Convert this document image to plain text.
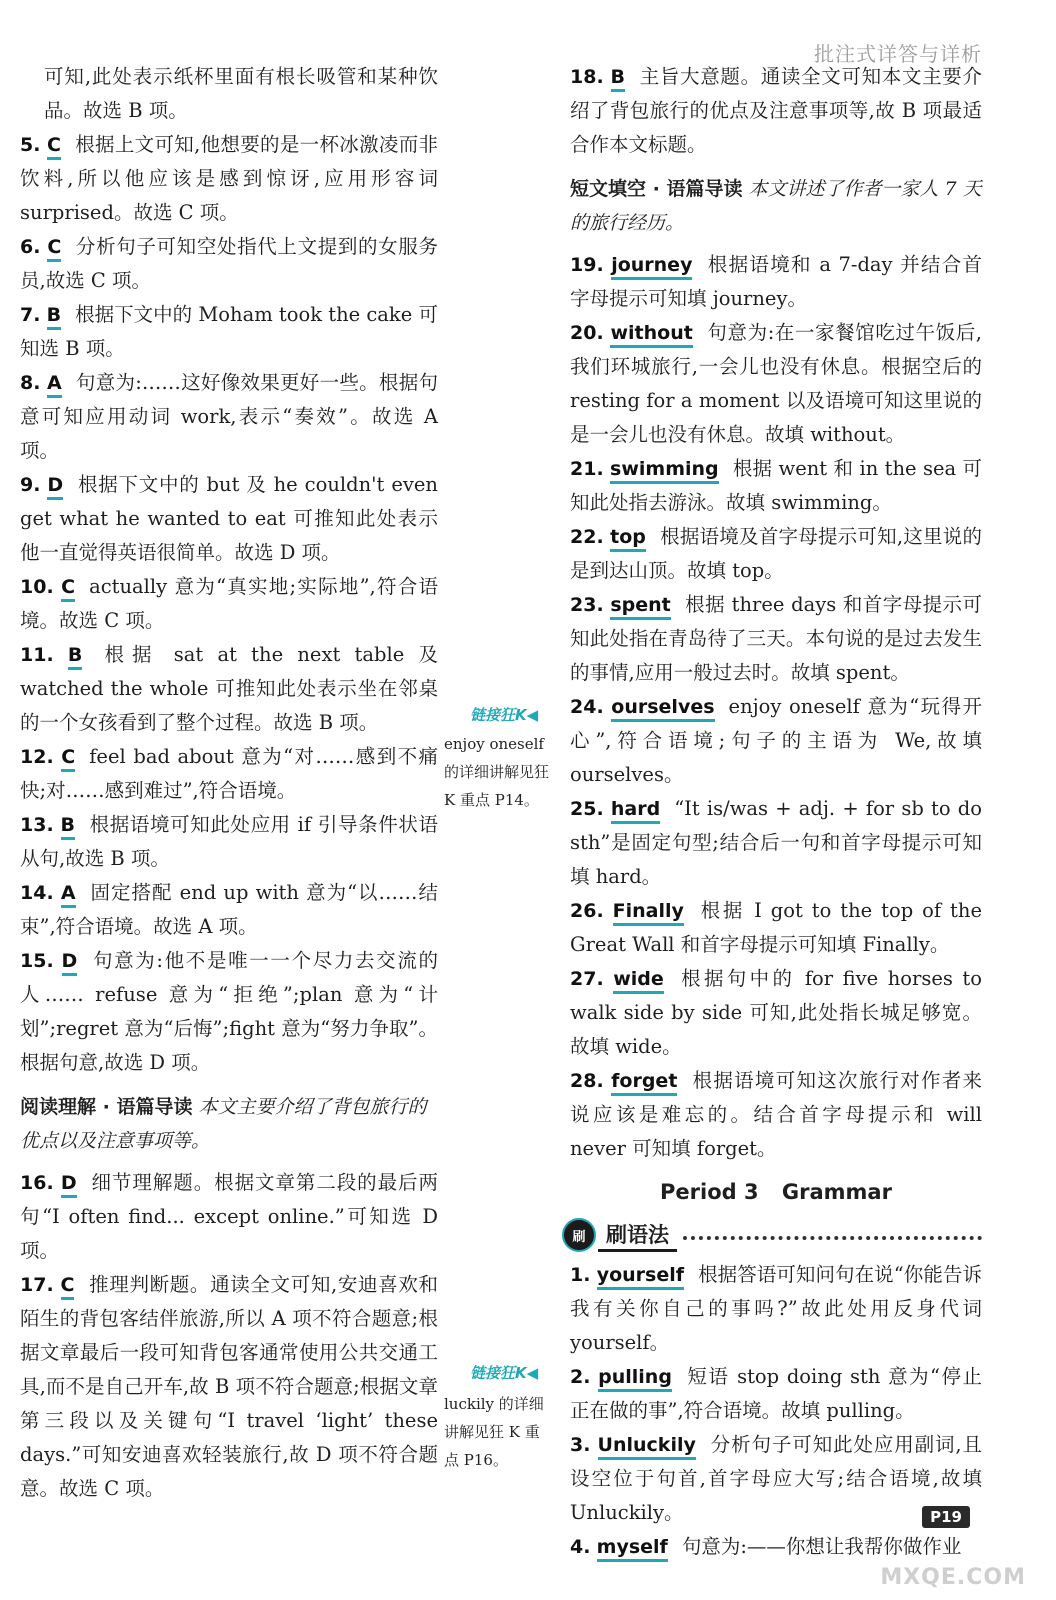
批注式详答与详析
可知,此处表示纸杯里面有根长吸管和某种饮品。故选 B 项。
5. C 根据上文可知,他想要的是一杯冰激凌而非饮料,所以他应该是感到惊讶,应用形容词 surprised。故选 C 项。
6. C 分析句子可知空处指代上文提到的女服务员,故选 C 项。
7. B 根据下文中的 Moham took the cake 可知选 B 项。
8. A 句意为:……这好像效果更好一些。根据句意可知应用动词 work,表示“奏效”。故选 A 项。
9. D 根据下文中的 but 及 he couldn't even get what he wanted to eat 可推知此处表示他一直觉得英语很简单。故选 D 项。
10. C actually 意为“真实地;实际地”,符合语境。故选 C 项。
11. B 根据 sat at the next table 及 watched the whole 可推知此处表示坐在邻桌的一个女孩看到了整个过程。故选 B 项。
12. C feel bad about 意为“对……感到不痛快;对……感到难过”,符合语境。
13. B 根据语境可知此处应用 if 引导条件状语从句,故选 B 项。
14. A 固定搭配 end up with 意为“以……结束”,符合语境。故选 A 项。
15. D 句意为:他不是唯一一个尽力去交流的人…… refuse 意为“拒绝”;plan 意为“计划”;regret 意为“后悔”;fight 意为“努力争取”。根据句意,故选 D 项。
阅读理解 · 语篇导读 本文主要介绍了背包旅行的优点以及注意事项等。
16. D 细节理解题。根据文章第二段的最后两句“I often find... except online.”可知选 D 项。
17. C 推理判断题。通读全文可知,安迪喜欢和陌生的背包客结伴旅游,所以 A 项不符合题意;根据文章最后一段可知背包客通常使用公共交通工具,而不是自己开车,故 B 项不符合题意;根据文章第三段以及关键句“I travel ‘light’ these days.”可知安迪喜欢轻装旅行,故 D 项不符合题意。故选 C 项。
18. B 主旨大意题。通读全文可知本文主要介绍了背包旅行的优点及注意事项等,故 B 项最适合作本文标题。
短文填空 · 语篇导读 本文讲述了作者一家人 7 天的旅行经历。
19. journey 根据语境和 a 7-day 并结合首字母提示可知填 journey。
20. without 句意为:在一家餐馆吃过午饭后,我们环城旅行,一会儿也没有休息。根据空后的 resting for a moment 以及语境可知这里说的是一会儿也没有休息。故填 without。
21. swimming 根据 went 和 in the sea 可知此处指去游泳。故填 swimming。
22. top 根据语境及首字母提示可知,这里说的是到达山顶。故填 top。
23. spent 根据 three days 和首字母提示可知此处指在青岛待了三天。本句说的是过去发生的事情,应用一般过去时。故填 spent。
24. ourselves enjoy oneself 意为“玩得开心”,符合语境;句子的主语为 We,故填 ourselves。
25. hard “It is/was + adj. + for sb to do sth”是固定句型;结合后一句和首字母提示可知填 hard。
26. Finally 根据 I got to the top of the Great Wall 和首字母提示可知填 Finally。
27. wide 根据句中的 for five horses to walk side by side 可知,此处指长城足够宽。故填 wide。
28. forget 根据语境可知这次旅行对作者来说应该是难忘的。结合首字母提示和 will never 可知填 forget。
Period 3 Grammar
刷 刷语法
1. yourself 根据答语可知问句在说“你能告诉我有关你自己的事吗?”故此处用反身代词 yourself。
2. pulling 短语 stop doing sth 意为“停止正在做的事”,符合语境。故填 pulling。
3. Unluckily 分析句子可知此处应用副词,且设空位于句首,首字母应大写;结合语境,故填 Unluckily。
4. myself 句意为:——你想让我帮你做作业
链接狂K◀
enjoy oneself 的详细讲解见狂 K 重点 P14。
链接狂K◀
luckily 的详细讲解见狂 K 重点 P16。
P19
MXQE.COM
